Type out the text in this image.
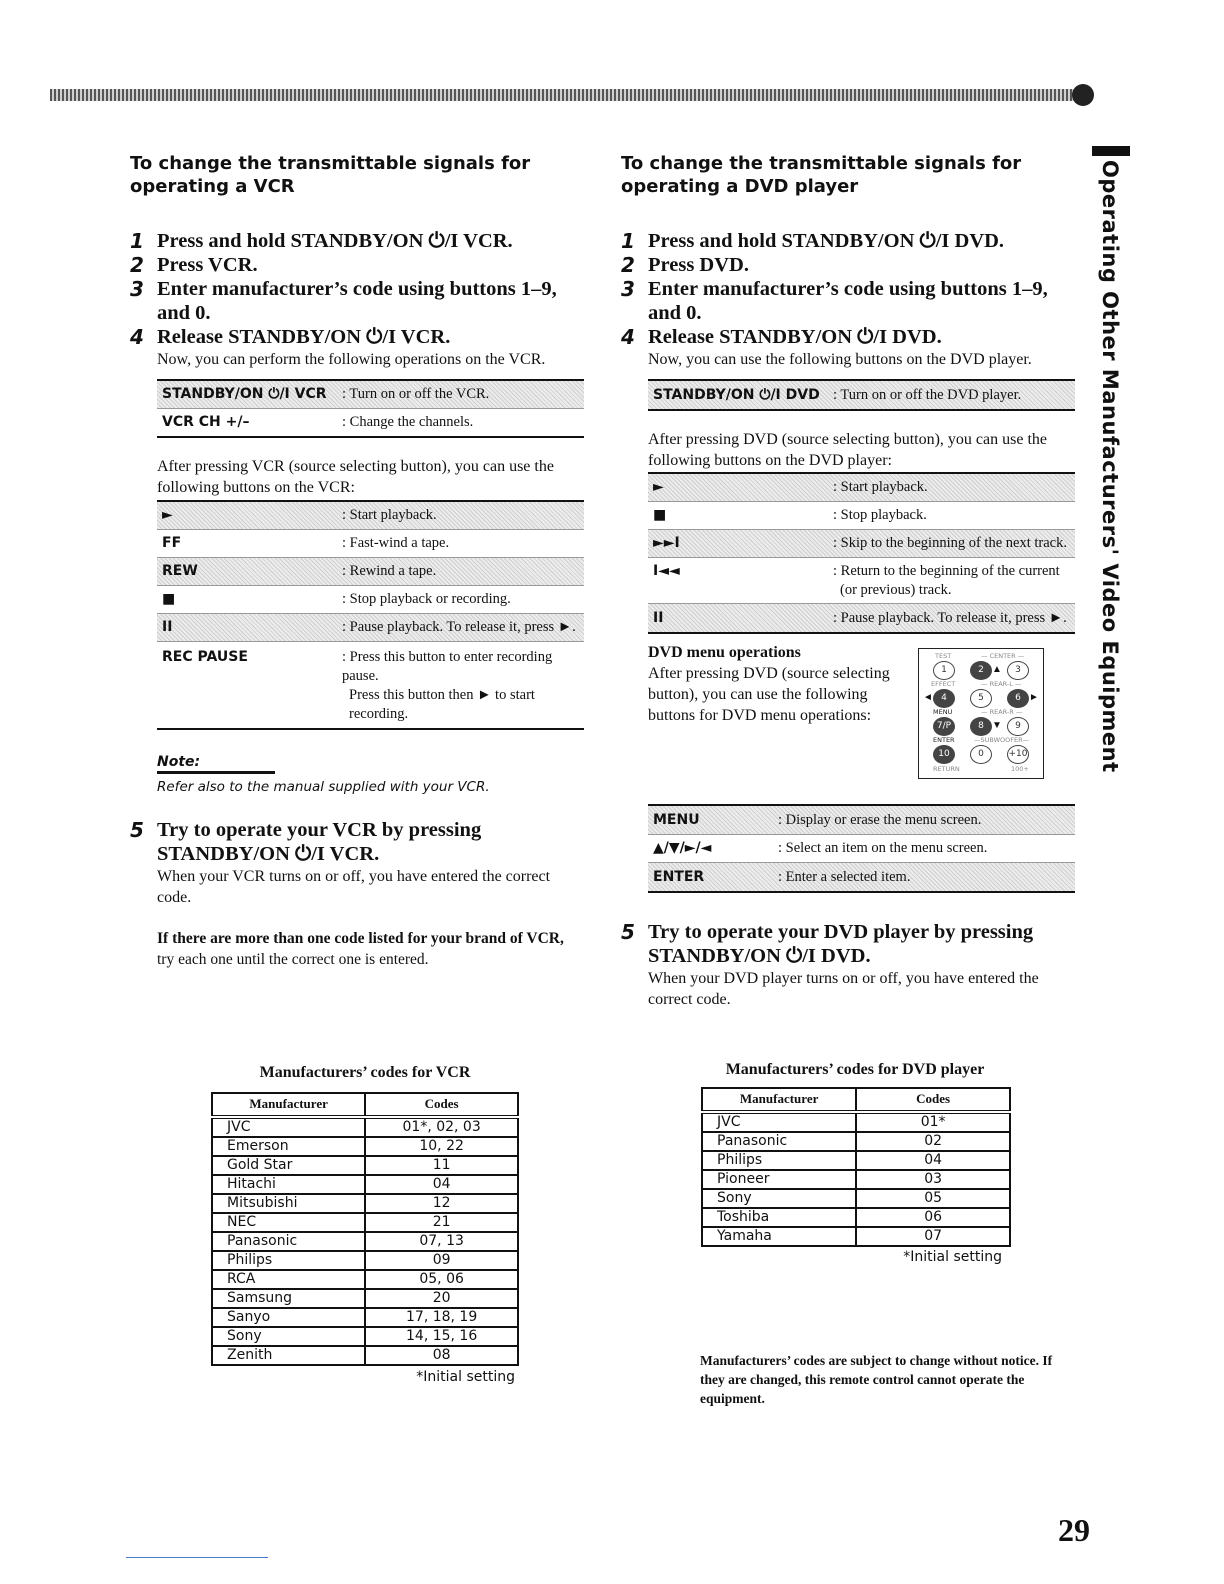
Operating Other Manufacturers' Video Equipment
To change the transmittable signals for
operating a VCR
1 Press and hold STANDBY/ON ⏻/I VCR.
2 Press VCR.
3 Enter manufacturer’s code using buttons 1–9, and 0.
4 Release STANDBY/ON ⏻/I VCR.
Now, you can perform the following operations on the VCR.
STANDBY/ON ⏻/I VCR	: Turn on or off the VCR.
VCR CH +/–	: Change the channels.
After pressing VCR (source selecting button), you can use the following buttons on the VCR:
►	: Start playback.
FF	: Fast-wind a tape.
REW	: Rewind a tape.
■	: Stop playback or recording.
II	: Pause playback. To release it, press ►.
REC PAUSE	: Press this button to enter recording pause.
Press this button then ► to start recording.
Note:
Refer also to the manual supplied with your VCR.
5 Try to operate your VCR by pressing STANDBY/ON ⏻/I VCR.
When your VCR turns on or off, you have entered the correct code.
If there are more than one code listed for your brand of VCR, try each one until the correct one is entered.
Manufacturers’ codes for VCR
Manufacturer	Codes
JVC	01*, 02, 03
Emerson	10, 22
Gold Star	11
Hitachi	04
Mitsubishi	12
NEC	21
Panasonic	07, 13
Philips	09
RCA	05, 06
Samsung	20
Sanyo	17, 18, 19
Sony	14, 15, 16
Zenith	08
*Initial setting
To change the transmittable signals for
operating a DVD player
1 Press and hold STANDBY/ON ⏻/I DVD.
2 Press DVD.
3 Enter manufacturer’s code using buttons 1–9, and 0.
4 Release STANDBY/ON ⏻/I DVD.
Now, you can use the following buttons on the DVD player.
STANDBY/ON ⏻/I DVD : Turn on or off the DVD player.
After pressing DVD (source selecting button), you can use the following buttons on the DVD player:
►	: Start playback.
■	: Stop playback.
►►I	: Skip to the beginning of the next track.
I◄◄	: Return to the beginning of the current
(or previous) track.
II	: Pause playback. To release it, press ►.
DVD menu operations
After pressing DVD (source selecting button), you can use the following buttons for DVD menu operations:
TEST	— CENTER —
1	2 ▲	3
EFFECT	— REAR-L —
◄ 4	5	6 ►
MENU	— REAR-R —
7/P	8 ▼	9
ENTER	—SUBWOOFER—
10	0	+10
RETURN	100+
MENU	: Display or erase the menu screen.
▲/▼/►/◄	: Select an item on the menu screen.
ENTER	: Enter a selected item.
5 Try to operate your DVD player by pressing STANDBY/ON ⏻/I DVD.
When your DVD player turns on or off, you have entered the correct code.
Manufacturers’ codes for DVD player
Manufacturer	Codes
JVC	01*
Panasonic	02
Philips	04
Pioneer	03
Sony	05
Toshiba	06
Yamaha	07
*Initial setting
Manufacturers’ codes are subject to change without notice. If they are changed, this remote control cannot operate the equipment.
29
